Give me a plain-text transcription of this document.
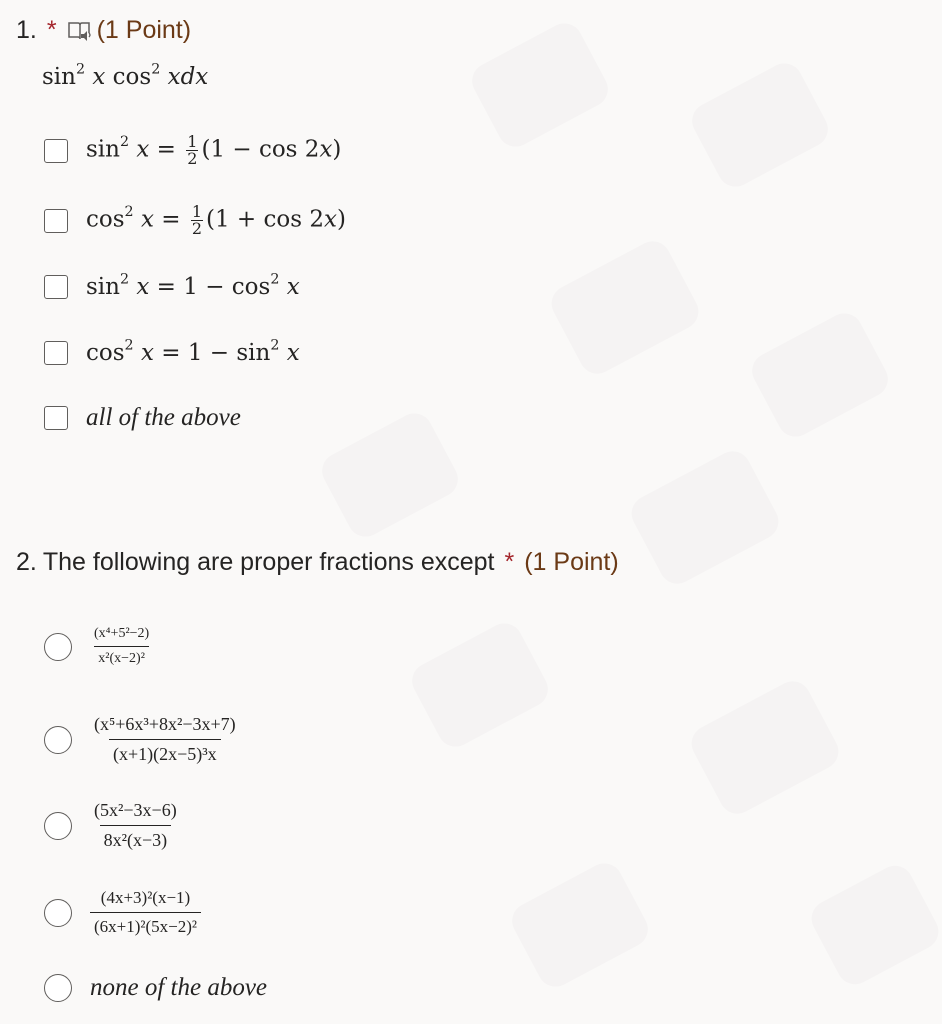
1. * (1 Point)
$\sin^2 x$ $\cos^2$ xdx
$\sin^2 x = \frac{1}{2} (1 - \cos 2x)$
$\cos^2 x = \frac{1}{2} (1 + \cos 2x)$
$\sin^2 x = 1 - \cos^2 x$
$\cos^2 x = 1 - \sin^2 x$
all of the above
2. The following are proper fractions except * (1 Point)
(x⁴+5²−2)
x²(x−2)²
(x⁵+6x³+8x²−3x+7)
(x+1)(2x−5)³x
(5x²−3x−6)
8x²(x−3)
(4x+3)²(x−1)
(6x+1)²(5x−2)²
none of the above
